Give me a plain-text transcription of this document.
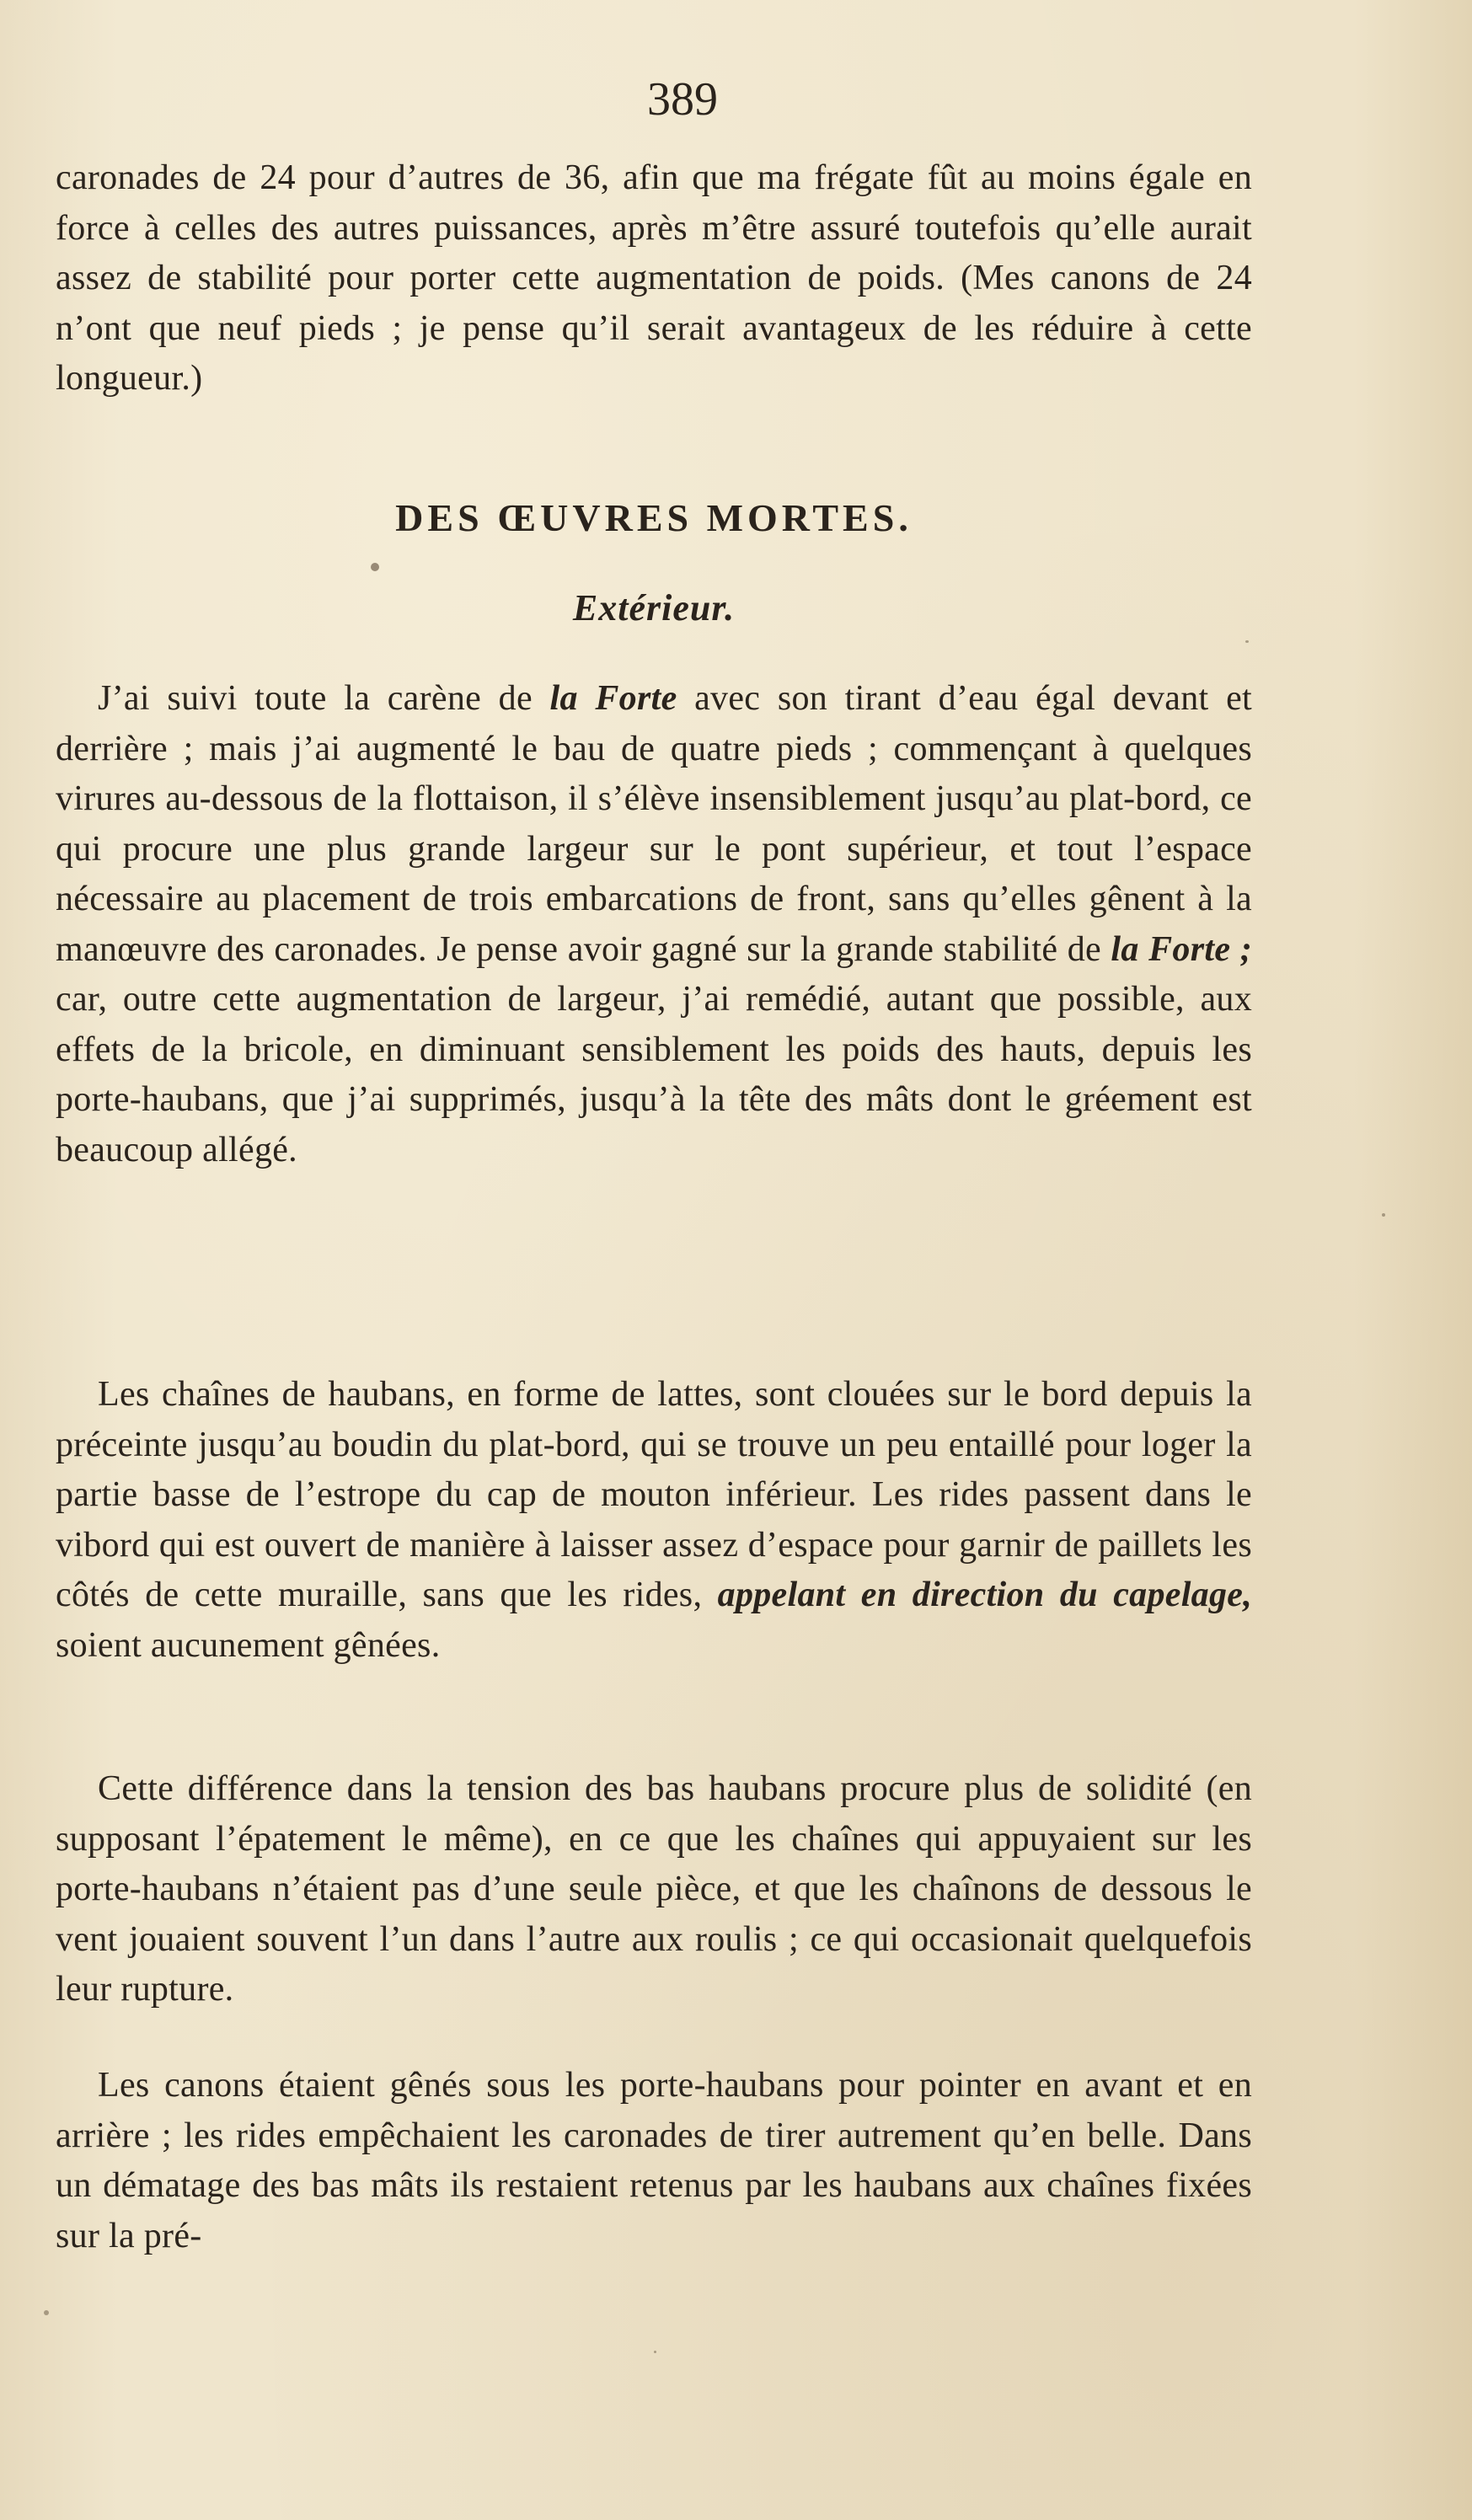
389

caronades de 24 pour d’autres de 36, afin que ma frégate fût au moins égale en force à celles des autres puissances, après m’être assuré toutefois qu’elle aurait assez de stabilité pour porter cette augmentation de poids. (Mes canons de 24 n’ont que neuf pieds ; je pense qu’il serait avantageux de les réduire à cette longueur.)

DES ŒUVRES MORTES.
Extérieur.

J’ai suivi toute la carène de la Forte avec son tirant d’eau égal devant et derrière ; mais j’ai augmenté le bau de quatre pieds ; commençant à quelques virures au-dessous de la flottaison, il s’élève insensiblement jusqu’au plat-bord, ce qui procure une plus grande largeur sur le pont supérieur, et tout l’espace nécessaire au placement de trois embarcations de front, sans qu’elles gênent à la manœuvre des caronades. Je pense avoir gagné sur la grande stabilité de la Forte ; car, outre cette augmentation de largeur, j’ai remédié, autant que possible, aux effets de la bricole, en diminuant sensiblement les poids des hauts, depuis les porte-haubans, que j’ai supprimés, jusqu’à la tête des mâts dont le gréement est beaucoup allégé.

Les chaînes de haubans, en forme de lattes, sont clouées sur le bord depuis la préceinte jusqu’au boudin du plat-bord, qui se trouve un peu entaillé pour loger la partie basse de l’estrope du cap de mouton inférieur. Les rides passent dans le vibord qui est ouvert de manière à laisser assez d’espace pour garnir de paillets les côtés de cette muraille, sans que les rides, appelant en direction du capelage, soient aucunement gênées.

Cette différence dans la tension des bas haubans procure plus de solidité (en supposant l’épatement le même), en ce que les chaînes qui appuyaient sur les porte-haubans n’étaient pas d’une seule pièce, et que les chaînons de dessous le vent jouaient souvent l’un dans l’autre aux roulis ; ce qui occasionait quelquefois leur rupture.

Les canons étaient gênés sous les porte-haubans pour pointer en avant et en arrière ; les rides empêchaient les caronades de tirer autrement qu’en belle. Dans un dématage des bas mâts ils restaient retenus par les haubans aux chaînes fixées sur la pré-
